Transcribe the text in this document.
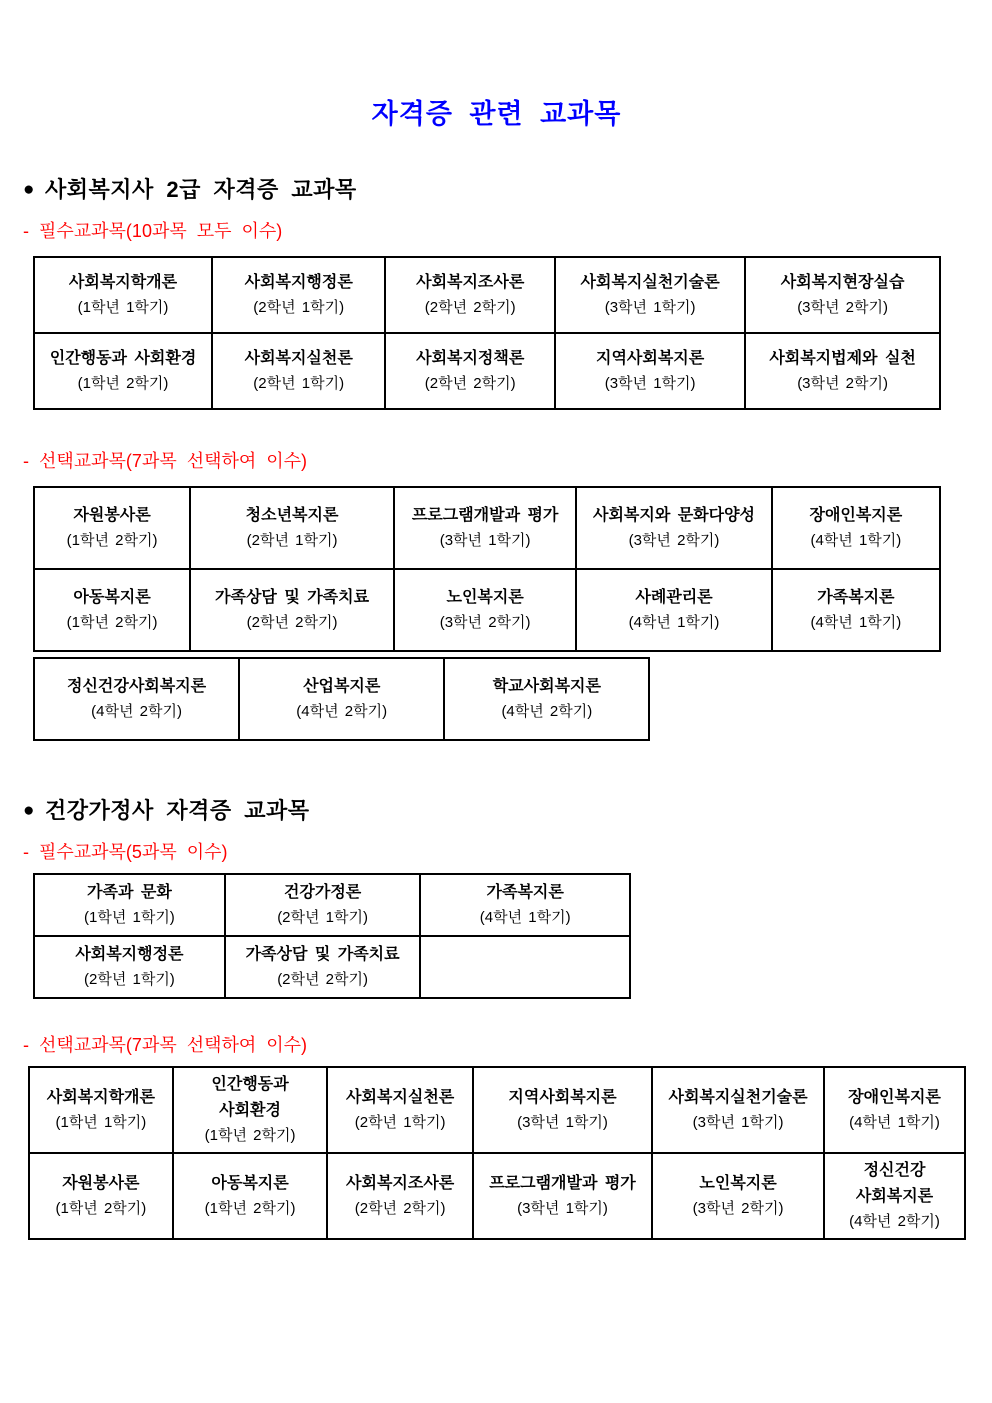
자격증 관련 교과목
● 사회복지사 2급 자격증 교과목

- 필수교과목(10과목 모두 이수)

사회복지학개론
(1학년 1학기)
사회복지행정론
(2학년 1학기)
사회복지조사론
(2학년 2학기)
사회복지실천기술론
(3학년 1학기)
사회복지현장실습
(3학년 2학기)
인간행동과 사회환경
(1학년 2학기)
사회복지실천론
(2학년 1학기)
사회복지정책론
(2학년 2학기)
지역사회복지론
(3학년 1학기)
사회복지법제와 실천
(3학년 2학기)

- 선택교과목(7과목 선택하여 이수)

자원봉사론
(1학년 2학기)
청소년복지론
(2학년 1학기)
프로그램개발과 평가
(3학년 1학기)
사회복지와 문화다양성
(3학년 2학기)
장애인복지론
(4학년 1학기)
아동복지론
(1학년 2학기)
가족상담 및 가족치료
(2학년 2학기)
노인복지론
(3학년 2학기)
사례관리론
(4학년 1학기)
가족복지론
(4학년 1학기)
정신건강사회복지론
(4학년 2학기)
산업복지론
(4학년 2학기)
학교사회복지론
(4학년 2학기)
● 건강가정사 자격증 교과목

- 필수교과목(5과목 이수)

가족과 문화
(1학년 1학기)
건강가정론
(2학년 1학기)
가족복지론
(4학년 1학기)
사회복지행정론
(2학년 1학기)
가족상담 및 가족치료
(2학년 2학기)

- 선택교과목(7과목 선택하여 이수)

사회복지학개론
(1학년 1학기)
인간행동과 사회환경
(1학년 2학기)
사회복지실천론
(2학년 1학기)
지역사회복지론
(3학년 1학기)
사회복지실천기술론
(3학년 1학기)
장애인복지론
(4학년 1학기)
자원봉사론
(1학년 2학기)
아동복지론
(1학년 2학기)
사회복지조사론
(2학년 2학기)
프로그램개발과 평가
(3학년 1학기)
노인복지론
(3학년 2학기)
정신건강 사회복지론
(4학년 2학기)
